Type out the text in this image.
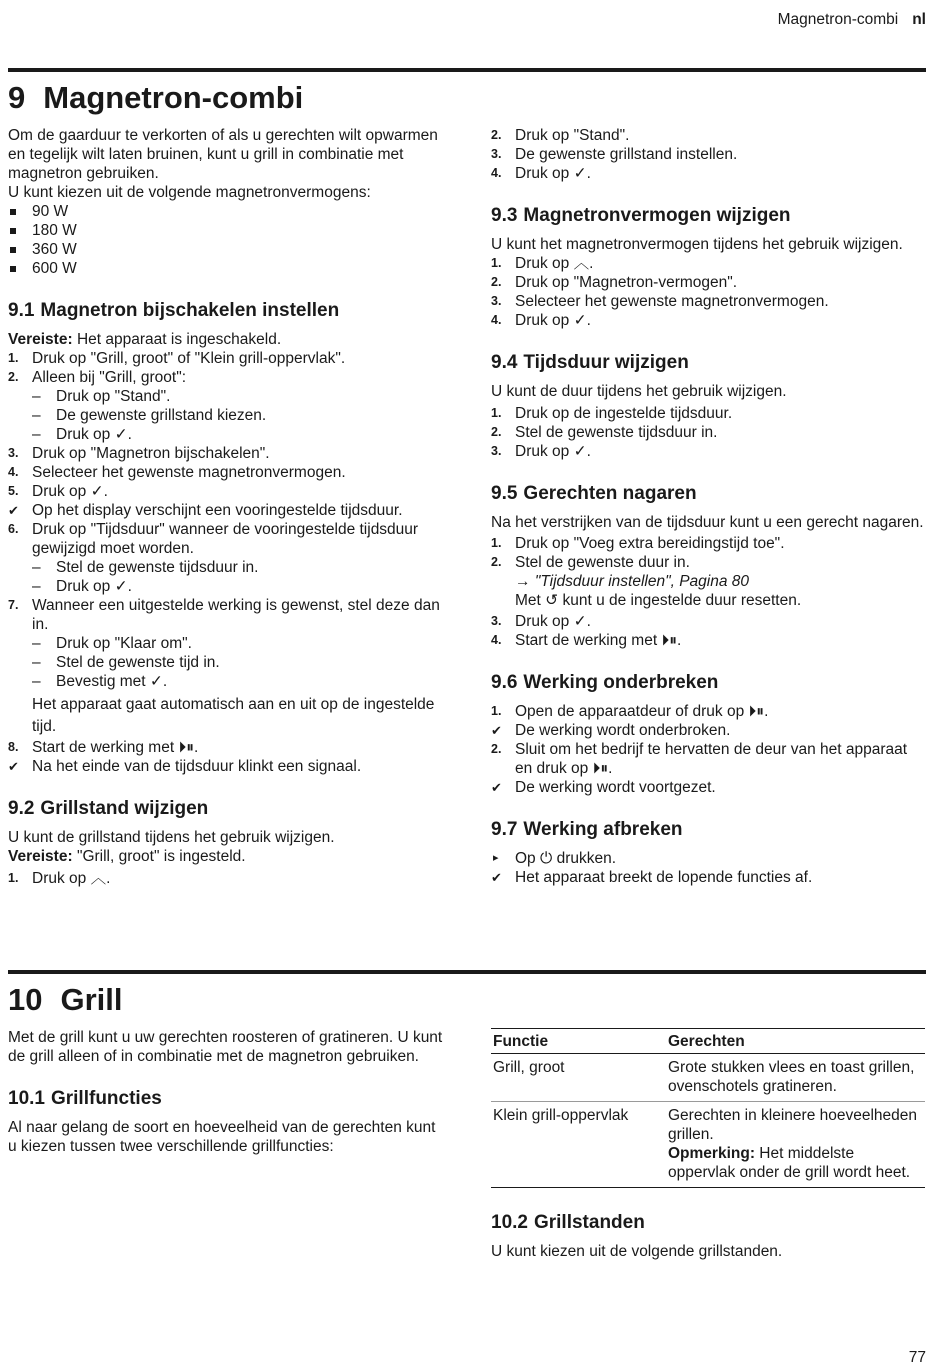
Magnetron-combi nl
9 Magnetron-combi

Om de gaarduur te verkorten of als u gerechten wilt opwarmen en tegelijk wilt laten bruinen, kunt u grill in combinatie met magnetron gebruiken.

U kunt kiezen uit de volgende magnetronvermogens:

90 W
180 W
360 W
600 W
9.1 Magnetron bijschakelen instellen

Vereiste: Het apparaat is ingeschakeld.

1. Druk op "Grill, groot" of "Klein grill-oppervlak".
2. Alleen bij "Grill, groot":
– Druk op "Stand".
– De gewenste grillstand kiezen.
– Druk op ✓.
3. Druk op "Magnetron bijschakelen".
4. Selecteer het gewenste magnetronvermogen.
5. Druk op ✓.
✔ Op het display verschijnt een vooringestelde tijdsduur.
6. Druk op "Tijdsduur" wanneer de vooringestelde tijdsduur gewijzigd moet worden.
– Stel de gewenste tijdsduur in.
– Druk op ✓.
7. Wanneer een uitgestelde werking is gewenst, stel deze dan in.
– Druk op "Klaar om".
– Stel de gewenste tijd in.
– Bevestig met ✓.

Het apparaat gaat automatisch aan en uit op de ingestelde tijd.

8. Start de werking met ⏵⏸.
✔ Na het einde van de tijdsduur klinkt een signaal.
9.2 Grillstand wijzigen

U kunt de grillstand tijdens het gebruik wijzigen.

Vereiste: "Grill, groot" is ingesteld.

1. Druk op ︿.
2. Druk op "Stand".
3. De gewenste grillstand instellen.
4. Druk op ✓.
9.3 Magnetronvermogen wijzigen

U kunt het magnetronvermogen tijdens het gebruik wijzigen.

1. Druk op ︿.
2. Druk op "Magnetron-vermogen".
3. Selecteer het gewenste magnetronvermogen.
4. Druk op ✓.
9.4 Tijdsduur wijzigen

U kunt de duur tijdens het gebruik wijzigen.

1. Druk op de ingestelde tijdsduur.
2. Stel de gewenste tijdsduur in.
3. Druk op ✓.
9.5 Gerechten nagaren

Na het verstrijken van de tijdsduur kunt u een gerecht nagaren.

1. Druk op "Voeg extra bereidingstijd toe".
2. Stel de gewenste duur in.
→ "Tijdsduur instellen", Pagina 80

Met ↺ kunt u de ingestelde duur resetten.

3. Druk op ✓.
4. Start de werking met ⏵⏸.
9.6 Werking onderbreken
1. Open de apparaatdeur of druk op ⏵⏸.
✔ De werking wordt onderbroken.
2. Sluit om het bedrijf te hervatten de deur van het apparaat en druk op ⏵⏸.
✔ De werking wordt voortgezet.
9.7 Werking afbreken
▸ Op ⏻ drukken.
✔ Het apparaat breekt de lopende functies af.
10 Grill

Met de grill kunt u uw gerechten roosteren of gratineren. U kunt de grill alleen of in combinatie met de magnetron gebruiken.

10.1 Grillfuncties

Al naar gelang de soort en hoeveelheid van de gerechten kunt u kiezen tussen twee verschillende grillfuncties:

Functie	Gerechten
Grill, groot	Grote stukken vlees en toast grillen, ovenschotels gratineren.
Klein grill-oppervlak	Gerechten in kleinere hoeveelheden grillen.
Opmerking: Het middelste oppervlak onder de grill wordt heet.
10.2 Grillstanden

U kunt kiezen uit de volgende grillstanden.

77
